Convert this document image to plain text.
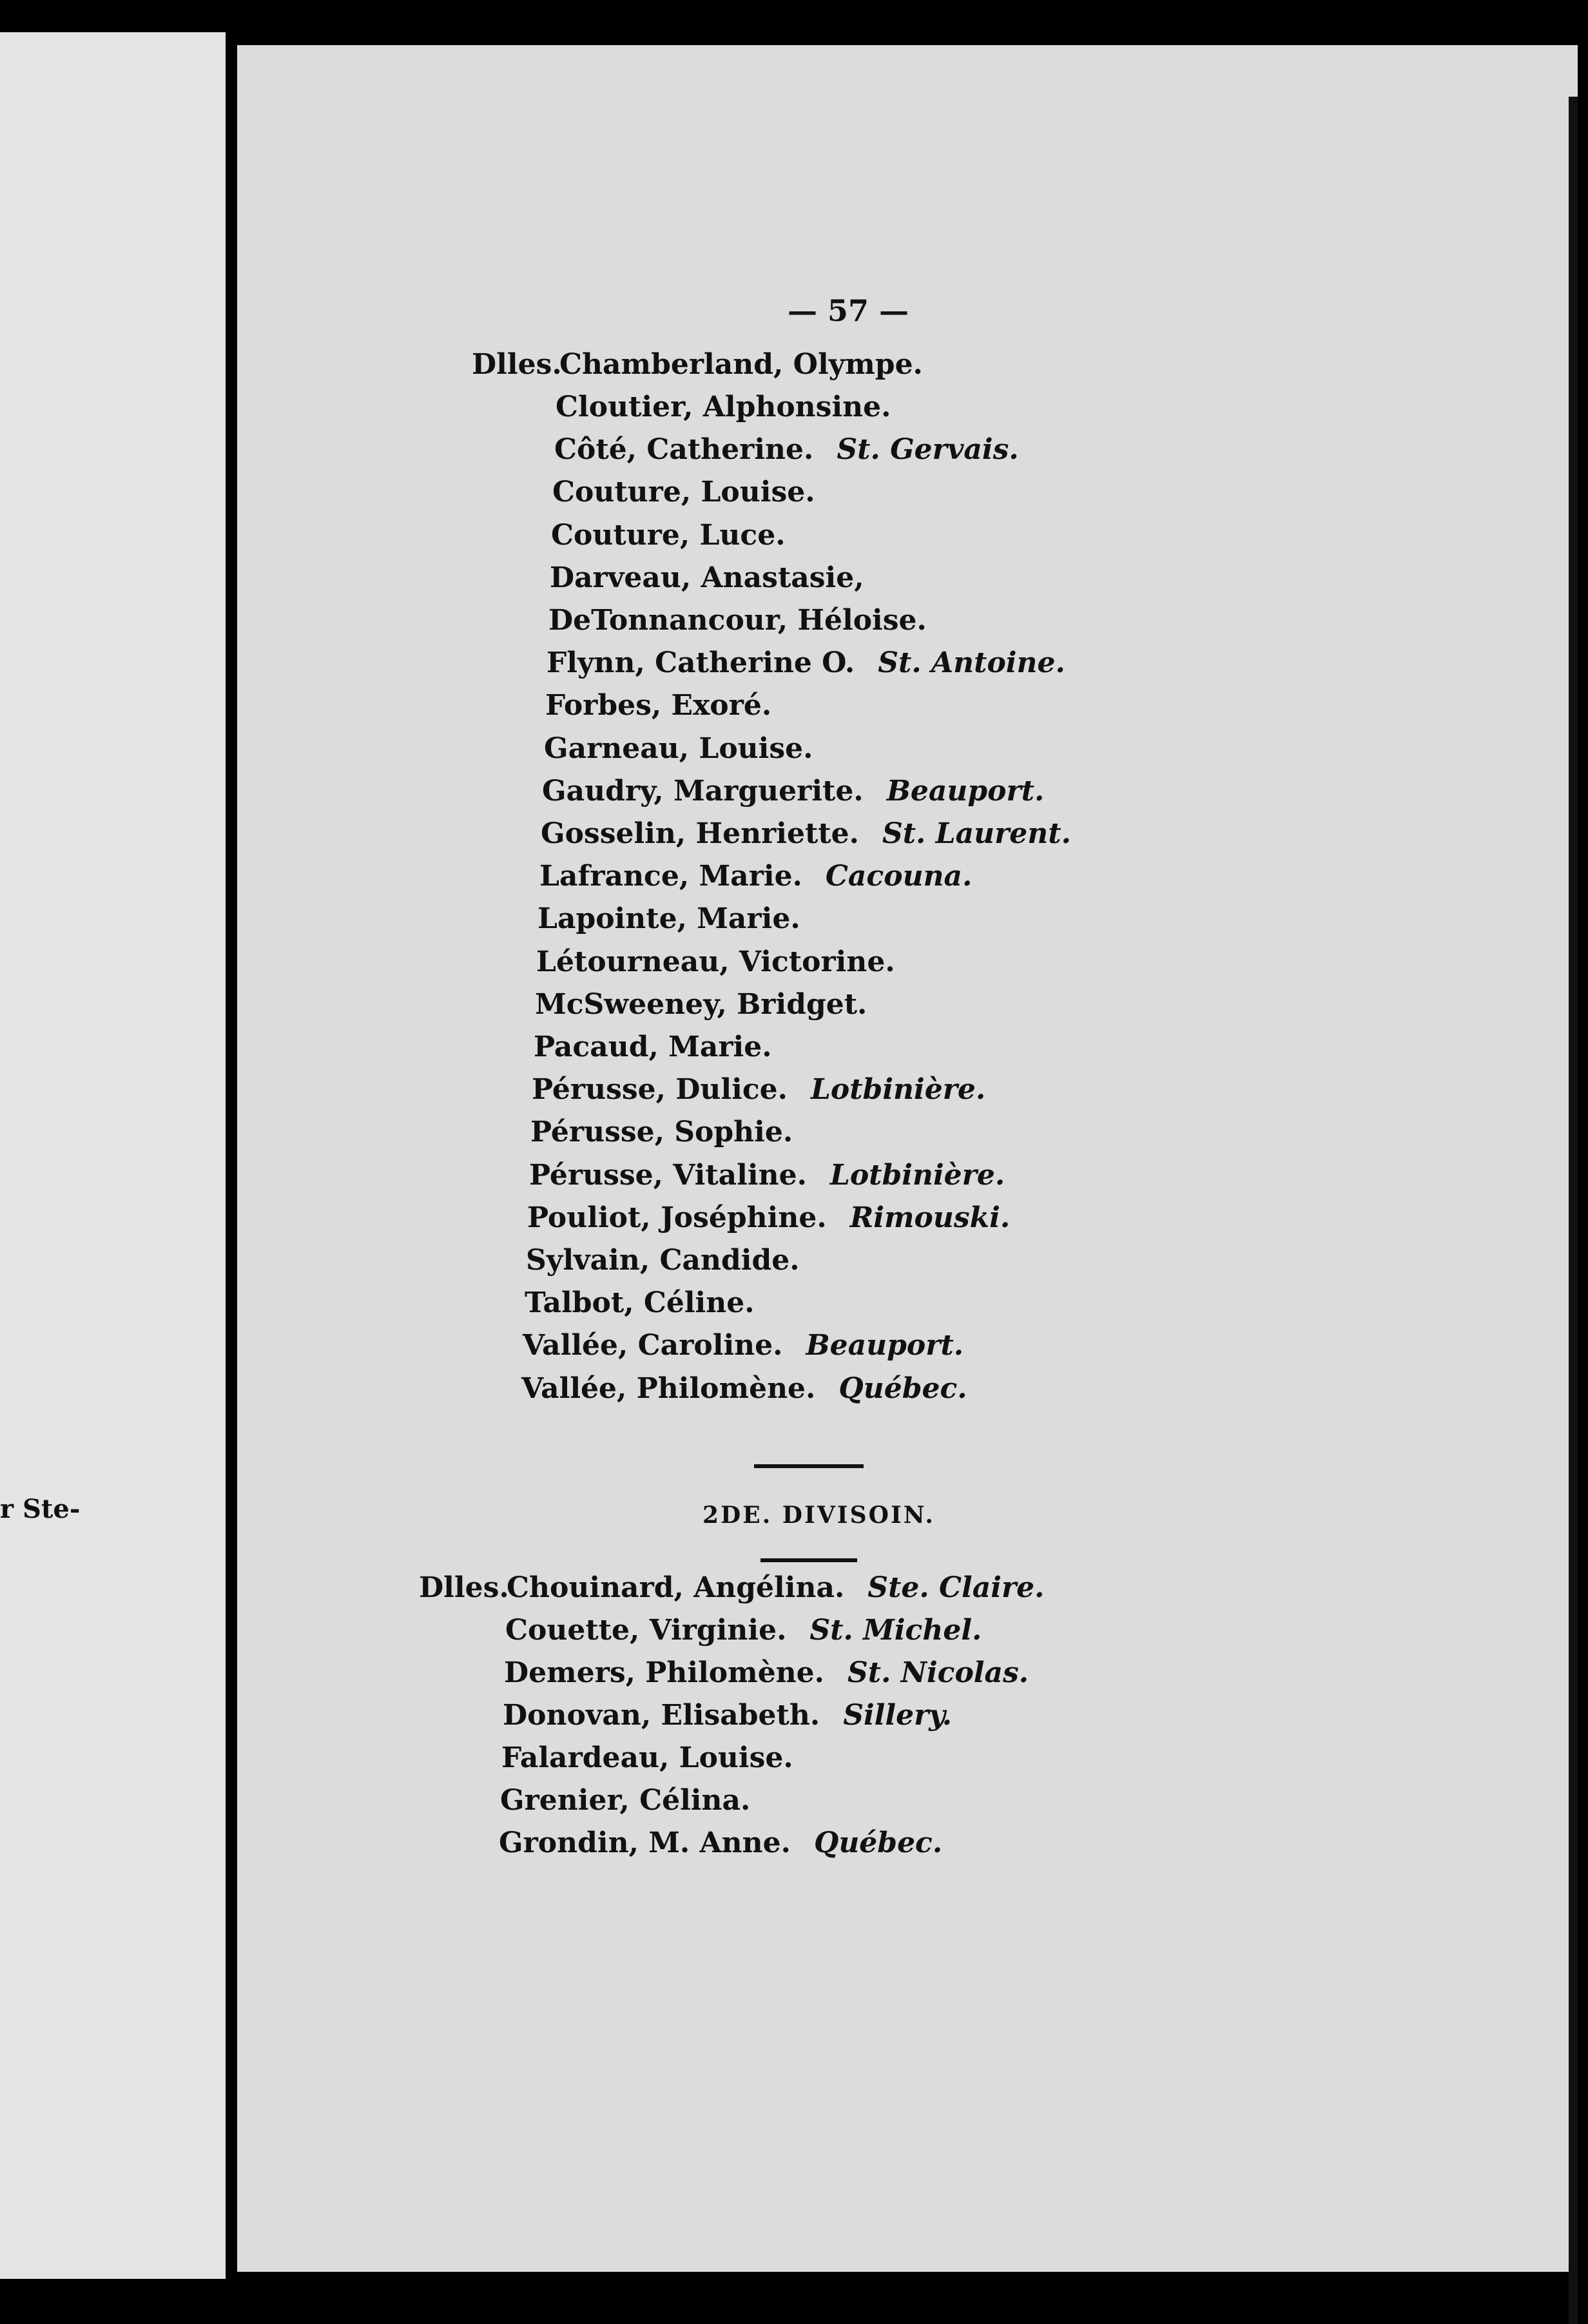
r Ste-
— 57 —
Dlles.
Chamberland, Olympe.
Cloutier, Alphonsine.
Côté, Catherine. St. Gervais.
Couture, Louise.
Couture, Luce.
Darveau, Anastasie,
DeTonnancour, Héloise.
Flynn, Catherine O. St. Antoine.
Forbes, Exoré.
Garneau, Louise.
Gaudry, Marguerite. Beauport.
Gosselin, Henriette. St. Laurent.
Lafrance, Marie. Cacouna.
Lapointe, Marie.
Létourneau, Victorine.
McSweeney, Bridget.
Pacaud, Marie.
Pérusse, Dulice. Lotbinière.
Pérusse, Sophie.
Pérusse, Vitaline. Lotbinière.
Pouliot, Joséphine. Rimouski.
Sylvain, Candide.
Talbot, Céline.
Vallée, Caroline. Beauport.
Vallée, Philomène. Québec.
2DE. DIVISOIN.
Dlles.
Chouinard, Angélina. Ste. Claire.
Couette, Virginie. St. Michel.
Demers, Philomène. St. Nicolas.
Donovan, Elisabeth. Sillery.
Falardeau, Louise.
Grenier, Célina.
Grondin, M. Anne. Québec.
